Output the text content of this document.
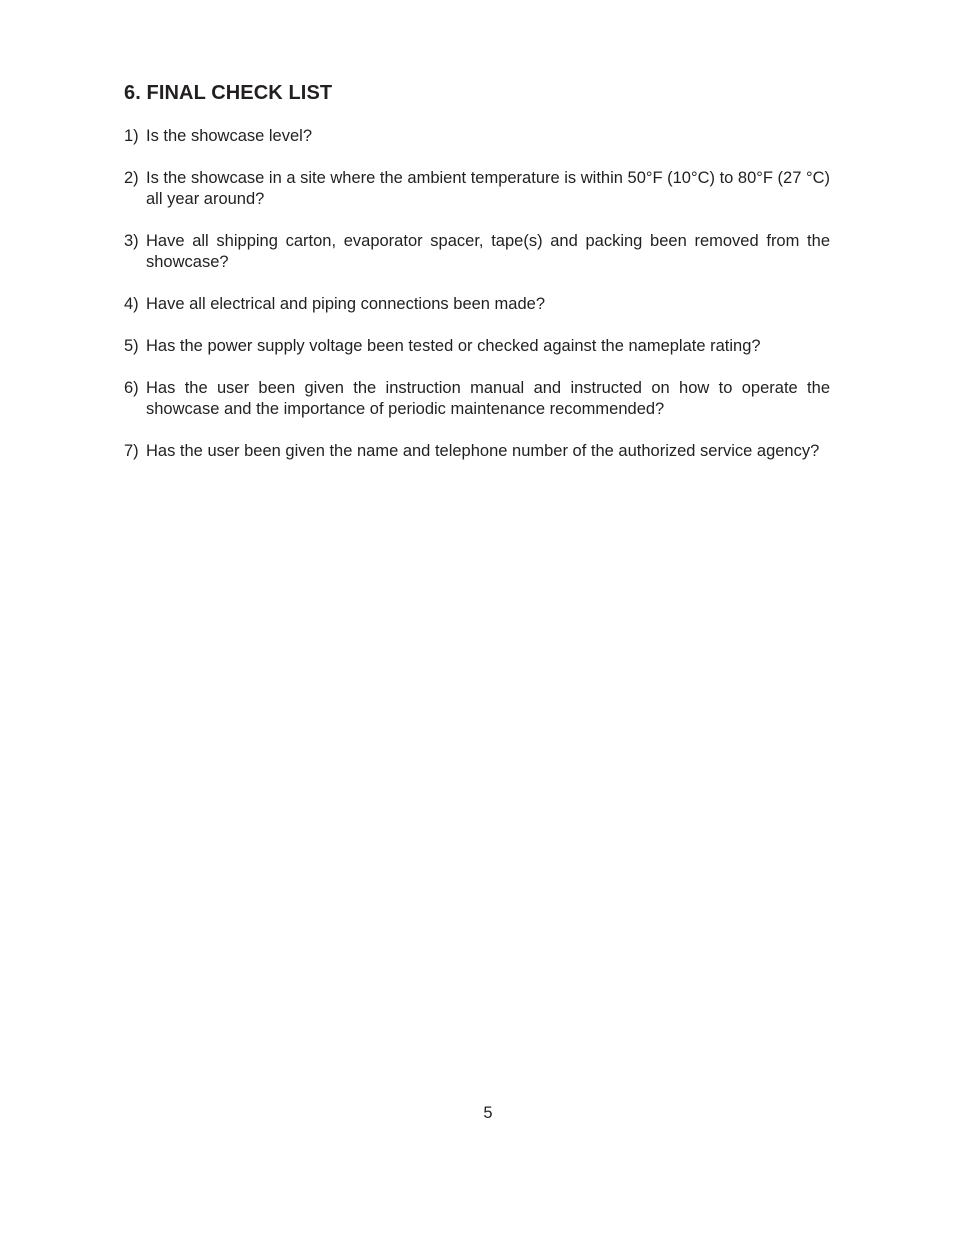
6. FINAL CHECK LIST
1) Is the showcase level?
2) Is the showcase in a site where the ambient temperature is within 50°F (10°C) to 80°F (27 °C) all year around?
3) Have all shipping carton, evaporator spacer, tape(s) and packing been removed from the showcase?
4) Have all electrical and piping connections been made?
5) Has the power supply voltage been tested or checked against the nameplate rating?
6) Has the user been given the instruction manual and instructed on how to operate the showcase and the importance of periodic maintenance recommended?
7) Has the user been given the name and telephone number of the authorized service agency?
5
